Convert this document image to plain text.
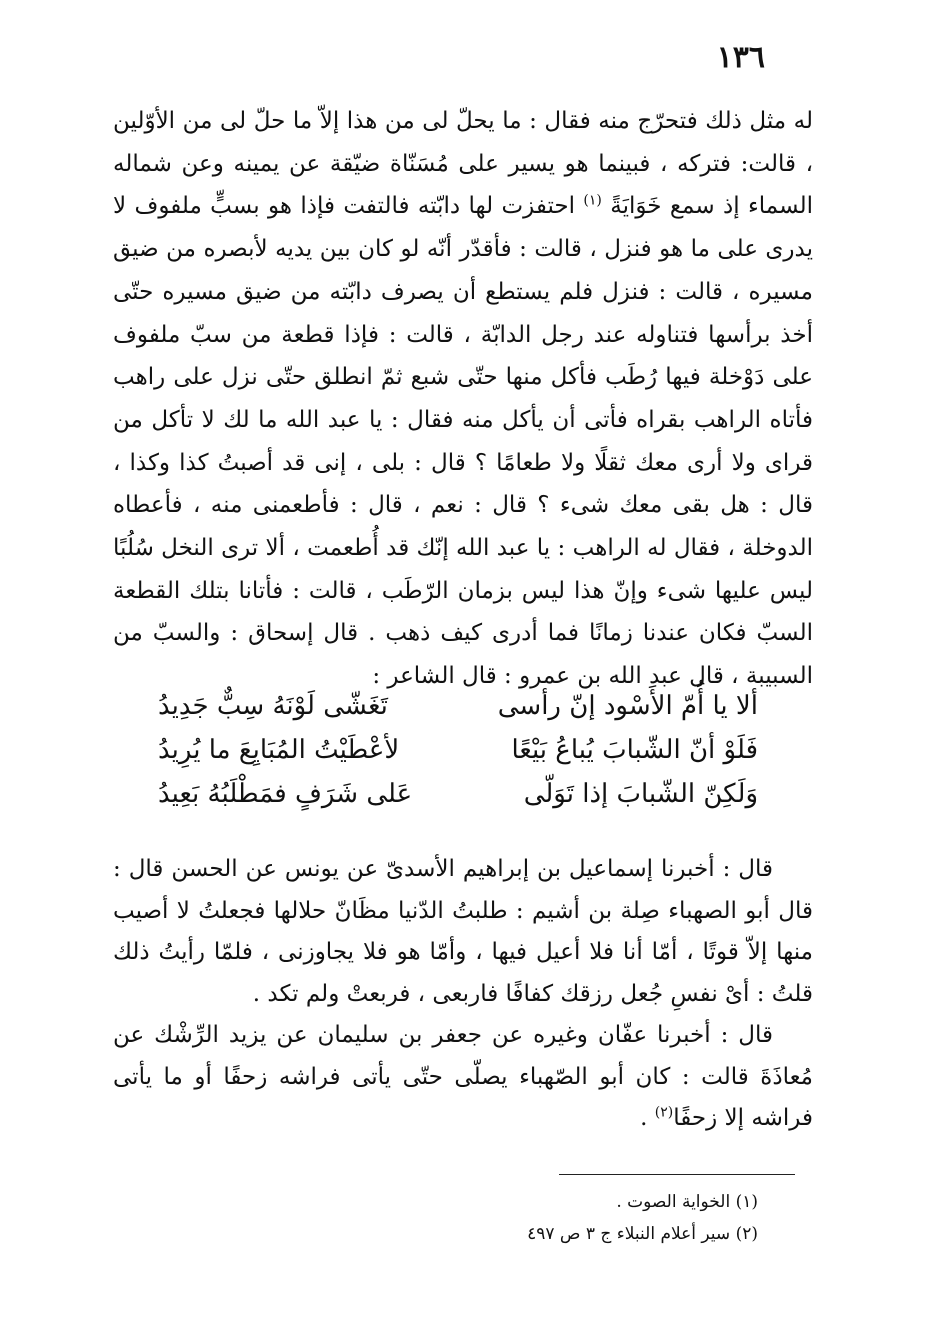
١٣٦

له مثل ذلك فتحرّج منه فقال : ما يحلّ لى من هذا إلاّ ما حلّ لى من الأوّلين ، قالت: فتركه ، فبينما هو يسير على مُسَنّاة ضيّقة عن يمينه وعن شماله السماء إذ سمع خَوَايَةً $^{(١)}$ احتفزت لها دابّته فالتفت فإذا هو بسبٍّ ملفوف لا يدرى على ما هو فنزل ، قالت : فأقدّر أنّه لو كان بين يديه لأبصره من ضيق مسيره ، قالت : فنزل فلم يستطع أن يصرف دابّته من ضيق مسيره حتّى أخذ برأسها فتناوله عند رجل الدابّة ، قالت : فإذا قطعة من سبّ ملفوف على دَوْخلة فيها رُطَب فأكل منها حتّى شبع ثمّ انطلق حتّى نزل على راهب فأتاه الراهب بقراه فأتى أن يأكل منه فقال : يا عبد الله ما لك لا تأكل من قراى ولا أرى معك ثقلًا ولا طعامًا ؟ قال : بلى ، إنى قد أصبتُ كذا وكذا ، قال : هل بقى معك شىء ؟ قال : نعم ، قال : فأطعمنى منه ، فأعطاه الدوخلة ، فقال له الراهب : يا عبد الله إنّك قد أُطعمت ، ألا ترى النخل سُلُبًا ليس عليها شىء وإنّ هذا ليس بزمان الرّطَب ، قالت : فأتانا بتلك القطعة السبّ فكان عندنا زمانًا فما أدرى كيف ذهب . قال إسحاق : والسبّ من السبيبة ، قال عبد الله بن عمرو : قال الشاعر :

ألا يا أُمّ الأَسْود إنّ رأسى
تَغَشّى لَوْنَهُ سِبٌّ جَدِيدُ
فَلَوْ أنّ الشّبابَ يُباعُ بَيْعًا
لأعْطَيْتُ المُبَايِعَ ما يُرِيدُ
وَلَكِنّ الشّبابَ إذا تَوَلّى
عَلى شَرَفٍ فمَطْلَبُهُ بَعِيدُ

قال : أخبرنا إسماعيل بن إبراهيم الأسدىّ عن يونس عن الحسن قال : قال أبو الصهباء صِلة بن أشيم : طلبتُ الدّنيا مظَانّ حلالها فجعلتُ لا أصيب منها إلاّ قوتًا ، أمّا أنا فلا أعيل فيها ، وأمّا هو فلا يجاوزنى ، فلمّا رأيتُ ذلك قلتُ : أىْ نفسِ جُعل رزقك كفافًا فاربعى ، فربعتْ ولم تكد .

قال : أخبرنا عفّان وغيره عن جعفر بن سليمان عن يزيد الرِّشْك عن مُعاذَةَ قالت : كان أبو الصّهباء يصلّى حتّى يأتى فراشه زحفًا أو ما يأتى فراشه إلا زحفًا$^{(٢)}$ .

(١) الخواية الصوت .

(٢) سير أعلام النبلاء ج ٣ ص ٤٩٧
